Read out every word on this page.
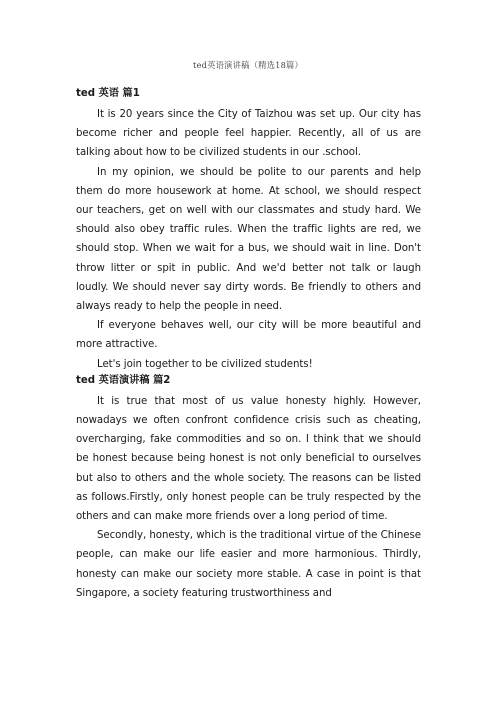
ted英语演讲稿（精选18篇）
ted 英语 篇1

It is 20 years since the City of Taizhou was set up. Our city has become richer and people feel happier. Recently, all of us are talking about how to be civilized students in our .school.

In my opinion, we should be polite to our parents and help them do more housework at home. At school, we should respect our teachers, get on well with our classmates and study hard. We should also obey traffic rules. When the traffic lights are red, we should stop. When we wait for a bus, we should wait in line. Don't throw litter or spit in public. And we'd better not talk or laugh loudly. We should never say dirty words. Be friendly to others and always ready to help the people in need.

If everyone behaves well, our city will be more beautiful and more attractive.

Let's join together to be civilized students!

ted 英语演讲稿 篇2

It is true that most of us value honesty highly. However, nowadays we often confront confidence crisis such as cheating, overcharging, fake commodities and so on. I think that we should be honest because being honest is not only beneficial to ourselves but also to others and the whole society. The reasons can be listed as follows.Firstly, only honest people can be truly respected by the others and can make more friends over a long period of time.

Secondly, honesty, which is the traditional virtue of the Chinese people, can make our life easier and more harmonious. Thirdly, honesty can make our society more stable. A case in point is that Singapore, a society featuring trustworthiness and
